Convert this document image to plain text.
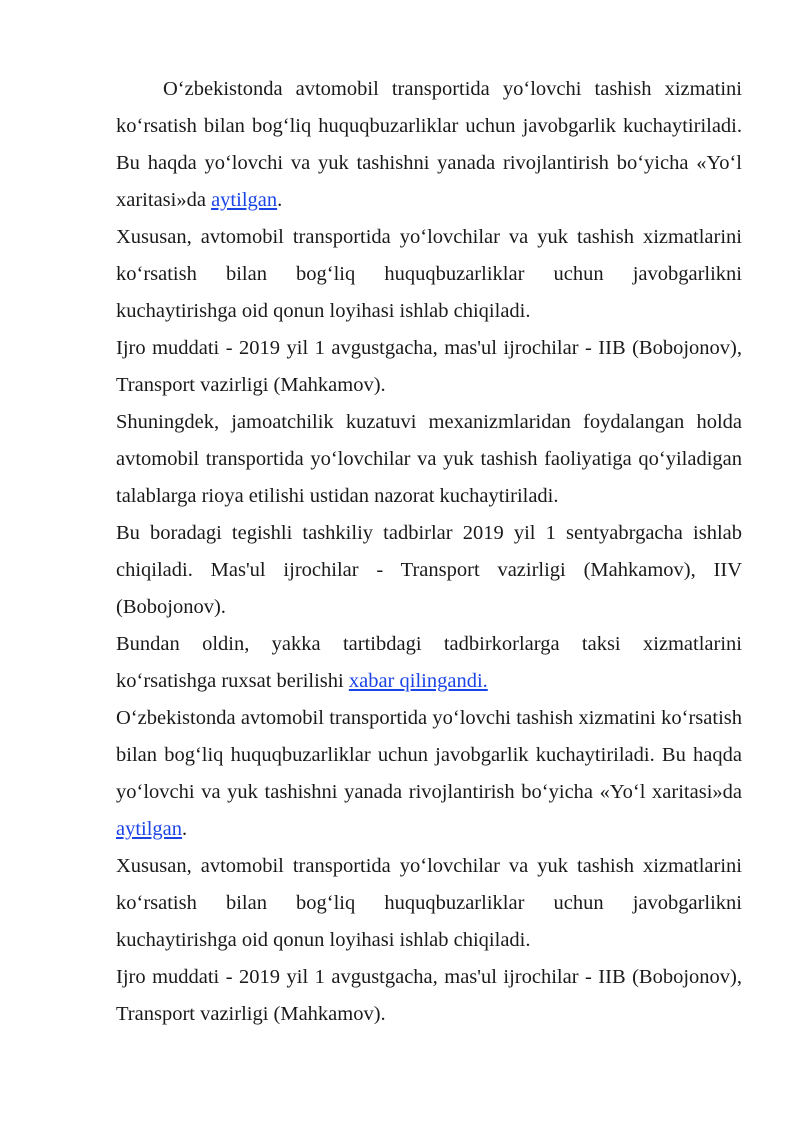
O‘zbekistonda avtomobil transportida yo‘lovchi tashish xizmatini ko‘rsatish bilan bog‘liq huquqbuzarliklar uchun javobgarlik kuchaytiriladi. Bu haqda yo‘lovchi va yuk tashishni yanada rivojlantirish bo‘yicha «Yo‘l xaritasi»da aytilgan.

Xususan, avtomobil transportida yo‘lovchilar va yuk tashish xizmatlarini ko‘rsatish bilan bog‘liq huquqbuzarliklar uchun javobgarlikni kuchaytirishga oid qonun loyihasi ishlab chiqiladi.

Ijro muddati - 2019 yil 1 avgustgacha, mas'ul ijrochilar - IIB (Bobojonov), Transport vazirligi (Mahkamov).

Shuningdek, jamoatchilik kuzatuvi mexanizmlaridan foydalangan holda avtomobil transportida yo‘lovchilar va yuk tashish faoliyatiga qo‘yiladigan talablarga rioya etilishi ustidan nazorat kuchaytiriladi.

Bu boradagi tegishli tashkiliy tadbirlar 2019 yil 1 sentyabrgacha ishlab chiqiladi. Mas'ul ijrochilar - Transport vazirligi (Mahkamov), IIV (Bobojonov).

Bundan oldin, yakka tartibdagi tadbirkorlarga taksi xizmatlarini ko‘rsatishga ruxsat berilishi xabar qilingandi.

O‘zbekistonda avtomobil transportida yo‘lovchi tashish xizmatini ko‘rsatish bilan bog‘liq huquqbuzarliklar uchun javobgarlik kuchaytiriladi. Bu haqda yo‘lovchi va yuk tashishni yanada rivojlantirish bo‘yicha «Yo‘l xaritasi»da aytilgan.

Xususan, avtomobil transportida yo‘lovchilar va yuk tashish xizmatlarini ko‘rsatish bilan bog‘liq huquqbuzarliklar uchun javobgarlikni kuchaytirishga oid qonun loyihasi ishlab chiqiladi.

Ijro muddati - 2019 yil 1 avgustgacha, mas'ul ijrochilar - IIB (Bobojonov), Transport vazirligi (Mahkamov).
